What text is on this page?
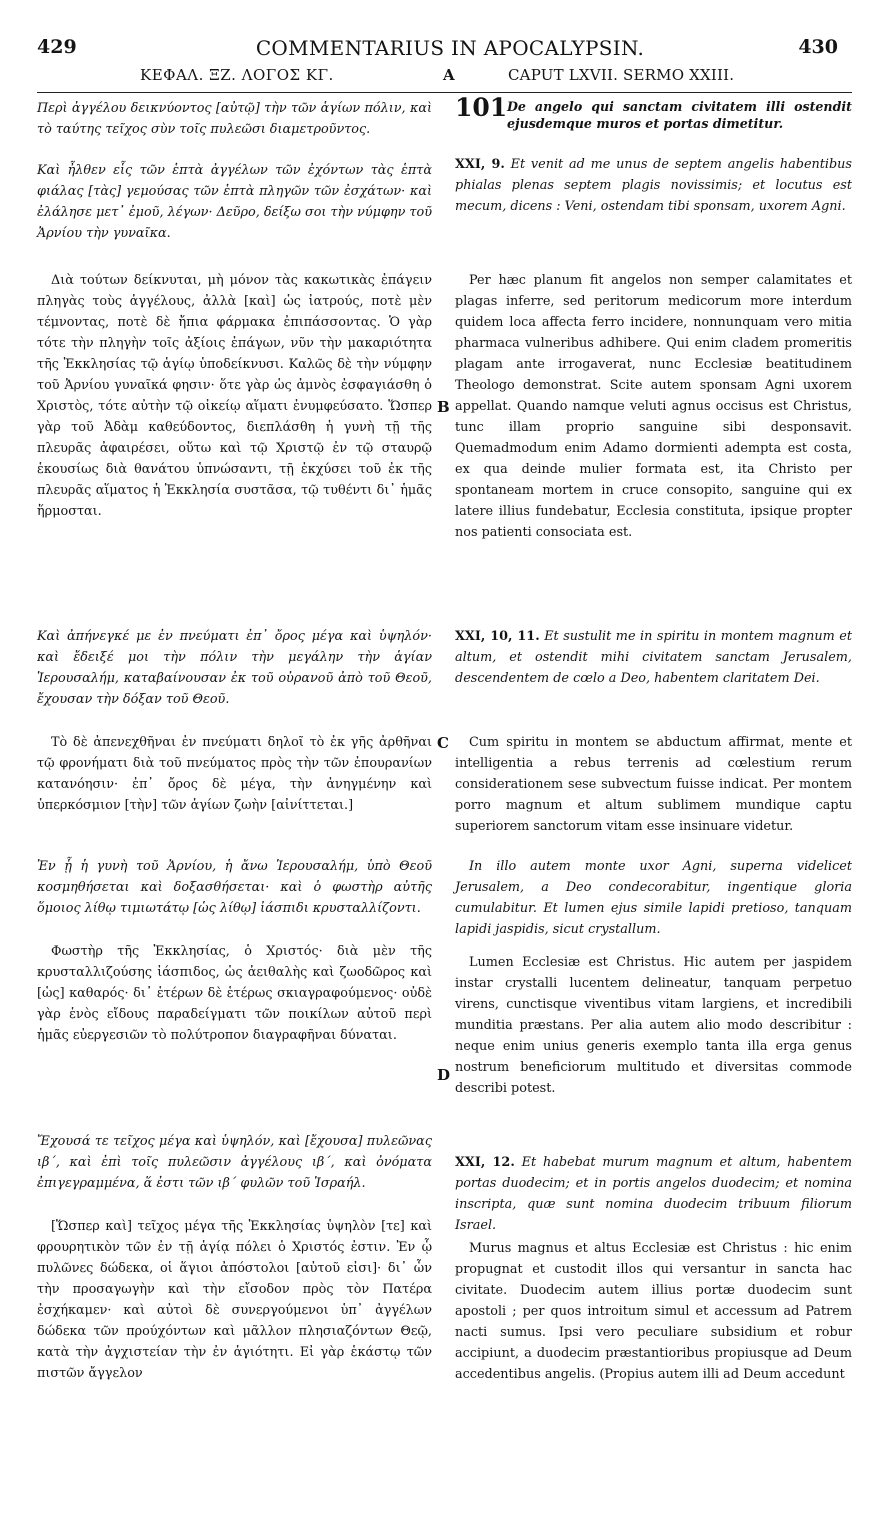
429	COMMENTARIUS IN APOCALYPSIN.	430
ΚΕΦΑΛ. ΞΖ. ΛΟΓΟΣ ΚΓ.	A	CAPUT LXVII. SERMO XXIII.
Περὶ ἀγγέλου δεικνύοντος [αὐτῷ] τὴν τῶν ἁγίων πόλιν, καὶ τὸ ταύτης τεῖχος σὺν τοῖς πυλεῶσι διαμετροῦντος.
Καὶ ἦλθεν εἷς τῶν ἑπτὰ ἀγγέλων τῶν ἐχόντων τὰς ἑπτὰ φιάλας [τὰς] γεμούσας τῶν ἑπτὰ πληγῶν τῶν ἐσχάτων· καὶ ἐλάλησε μετ᾽ ἐμοῦ, λέγων· Δεῦρο, δείξω σοι τὴν νύμφην τοῦ Ἀρνίου τὴν γυναῖκα.

Διὰ τούτων δείκνυται, μὴ μόνον τὰς κακωτικὰς ἐπάγειν πληγὰς τοὺς ἀγγέλους, ἀλλὰ [καὶ] ὡς ἰατρούς, ποτὲ μὲν τέμνοντας, ποτὲ δὲ ἤπια φάρμακα ἐπιπάσσοντας. Ὁ γὰρ τότε τὴν πληγὴν τοῖς ἀξίοις ἐπάγων, νῦν τὴν μακαριότητα τῆς Ἐκκλησίας τῷ ἁγίῳ ὑποδείκνυσι. Καλῶς δὲ τὴν νύμφην τοῦ Ἀρνίου γυναῖκά φησιν· ὅτε γὰρ ὡς ἀμνὸς ἐσφαγιάσθη ὁ Χριστὸς, τότε αὐτὴν τῷ οἰκείῳ αἵματι ἐνυμφεύσατο. Ὥσπερ γὰρ τοῦ Ἀδὰμ καθεύδοντος, διεπλάσθη ἡ γυνὴ τῇ τῆς πλευρᾶς ἀφαιρέσει, οὕτω καὶ τῷ Χριστῷ ἐν τῷ σταυρῷ ἑκουσίως διὰ θανάτου ὑπνώσαντι, τῇ ἐκχύσει τοῦ ἐκ τῆς πλευρᾶς αἵματος ἡ Ἐκκλησία συστᾶσα, τῷ τυθέντι δι᾽ ἡμᾶς ἥρμοσται.

Καὶ ἀπήνεγκέ με ἐν πνεύματι ἐπ᾽ ὄρος μέγα καὶ ὑψηλόν· καὶ ἔδειξέ μοι τὴν πόλιν τὴν μεγάλην τὴν ἁγίαν Ἱερουσαλήμ, καταβαίνουσαν ἐκ τοῦ οὐρανοῦ ἀπὸ τοῦ Θεοῦ, ἔχουσαν τὴν δόξαν τοῦ Θεοῦ.

Τὸ δὲ ἀπενεχθῆναι ἐν πνεύματι δηλοῖ τὸ ἐκ γῆς ἀρθῆναι τῷ φρονήματι διὰ τοῦ πνεύματος πρὸς τὴν τῶν ἐπουρανίων κατανόησιν· ἐπ᾽ ὄρος δὲ μέγα, τὴν ἀνηγμένην καὶ ὑπερκόσμιον [τὴν] τῶν ἁγίων ζωὴν [αἰνίττεται.]

Ἐν ᾗ ἡ γυνὴ τοῦ Ἀρνίου, ἡ ἄνω Ἱερουσαλήμ, ὑπὸ Θεοῦ κοσμηθήσεται καὶ δοξασθήσεται· καὶ ὁ φωστὴρ αὐτῆς ὅμοιος λίθῳ τιμιωτάτῳ [ὡς λίθῳ] ἰάσπιδι κρυσταλλίζοντι.

Φωστὴρ τῆς Ἐκκλησίας, ὁ Χριστός· διὰ μὲν τῆς κρυσταλλιζούσης ἰάσπιδος, ὡς ἀειθαλὴς καὶ ζωοδῶρος καὶ [ὡς] καθαρός· δι᾽ ἑτέρων δὲ ἑτέρως σκιαγραφούμενος· οὐδὲ γὰρ ἑνὸς εἴδους παραδείγματι τῶν ποικίλων αὐτοῦ περὶ ἡμᾶς εὐεργεσιῶν τὸ πολύτροπον διαγραφῆναι δύναται.

Ἔχουσά τε τεῖχος μέγα καὶ ὑψηλόν, καὶ [ἔχουσα] πυλεῶνας ιβ΄, καὶ ἐπὶ τοῖς πυλεῶσιν ἀγγέλους ιβ΄, καὶ ὀνόματα ἐπιγεγραμμένα, ἅ ἐστι τῶν ιβ΄ φυλῶν τοῦ Ἰσραήλ.

[Ὥσπερ καὶ] τεῖχος μέγα τῆς Ἐκκλησίας ὑψηλὸν [τε] καὶ φρουρητικὸν τῶν ἐν τῇ ἁγίᾳ πόλει ὁ Χριστός ἐστιν. Ἐν ᾧ πυλῶνες δώδεκα, οἱ ἅγιοι ἀπόστολοι [αὐτοῦ εἰσι]· δι᾽ ὧν τὴν προσαγωγὴν καὶ τὴν εἴσοδον πρὸς τὸν Πατέρα ἐσχήκαμεν· καὶ αὐτοὶ δὲ συνεργούμενοι ὑπ᾽ ἀγγέλων δώδεκα τῶν προύχόντων καὶ μᾶλλον πλησιαζόντων Θεῷ, κατὰ τὴν ἀγχιστείαν τὴν ἐν ἁγιότητι. Εἰ γὰρ ἑκάστῳ τῶν πιστῶν ἄγγελον

B
C
D
101 De angelo qui sanctam civitatem illi ostendit ejusdemque muros et portas dimetitur.
XXI, 9. Et venit ad me unus de septem angelis habentibus phialas plenas septem plagis novissimis; et locutus est mecum, dicens : Veni, ostendam tibi sponsam, uxorem Agni.

Per hæc planum fit angelos non semper calamitates et plagas inferre, sed peritorum medicorum more interdum quidem loca affecta ferro incidere, nonnunquam vero mitia pharmaca vulneribus adhibere. Qui enim cladem promeritis plagam ante irrogaverat, nunc Ecclesiæ beatitudinem Theologo demonstrat. Scite autem sponsam Agni uxorem appellat. Quando namque veluti agnus occisus est Christus, tunc illam proprio sanguine sibi desponsavit. Quemadmodum enim Adamo dormienti adempta est costa, ex qua deinde mulier formata est, ita Christo per spontaneam mortem in cruce consopito, sanguine qui ex latere illius fundebatur, Ecclesia constituta, ipsique propter nos patienti consociata est.

XXI, 10, 11. Et sustulit me in spiritu in montem magnum et altum, et ostendit mihi civitatem sanctam Jerusalem, descendentem de cœlo a Deo, habentem claritatem Dei.

Cum spiritu in montem se abductum affirmat, mente et intelligentia a rebus terrenis ad cœlestium rerum considerationem sese subvectum fuisse indicat. Per montem porro magnum et altum sublimem mundique captu superiorem sanctorum vitam esse insinuare videtur.

In illo autem monte uxor Agni, superna videlicet Jerusalem, a Deo condecorabitur, ingentique gloria cumulabitur. Et lumen ejus simile lapidi pretioso, tanquam lapidi jaspidis, sicut crystallum.

Lumen Ecclesiæ est Christus. Hic autem per jaspidem instar crystalli lucentem delineatur, tanquam perpetuo virens, cunctisque viventibus vitam largiens, et incredibili munditia præstans. Per alia autem alio modo describitur : neque enim unius generis exemplo tanta illa erga genus nostrum beneficiorum multitudo et diversitas commode describi potest.

XXI, 12. Et habebat murum magnum et altum, habentem portas duodecim; et in portis angelos duodecim; et nomina inscripta, quæ sunt nomina duodecim tribuum filiorum Israel.

Murus magnus et altus Ecclesiæ est Christus : hic enim propugnat et custodit illos qui versantur in sancta hac civitate. Duodecim autem illius portæ duodecim sunt apostoli ; per quos introitum simul et accessum ad Patrem nacti sumus. Ipsi vero peculiare subsidium et robur accipiunt, a duodecim præstantioribus propiusque ad Deum accedentibus angelis. (Propius autem illi ad Deum accedunt
